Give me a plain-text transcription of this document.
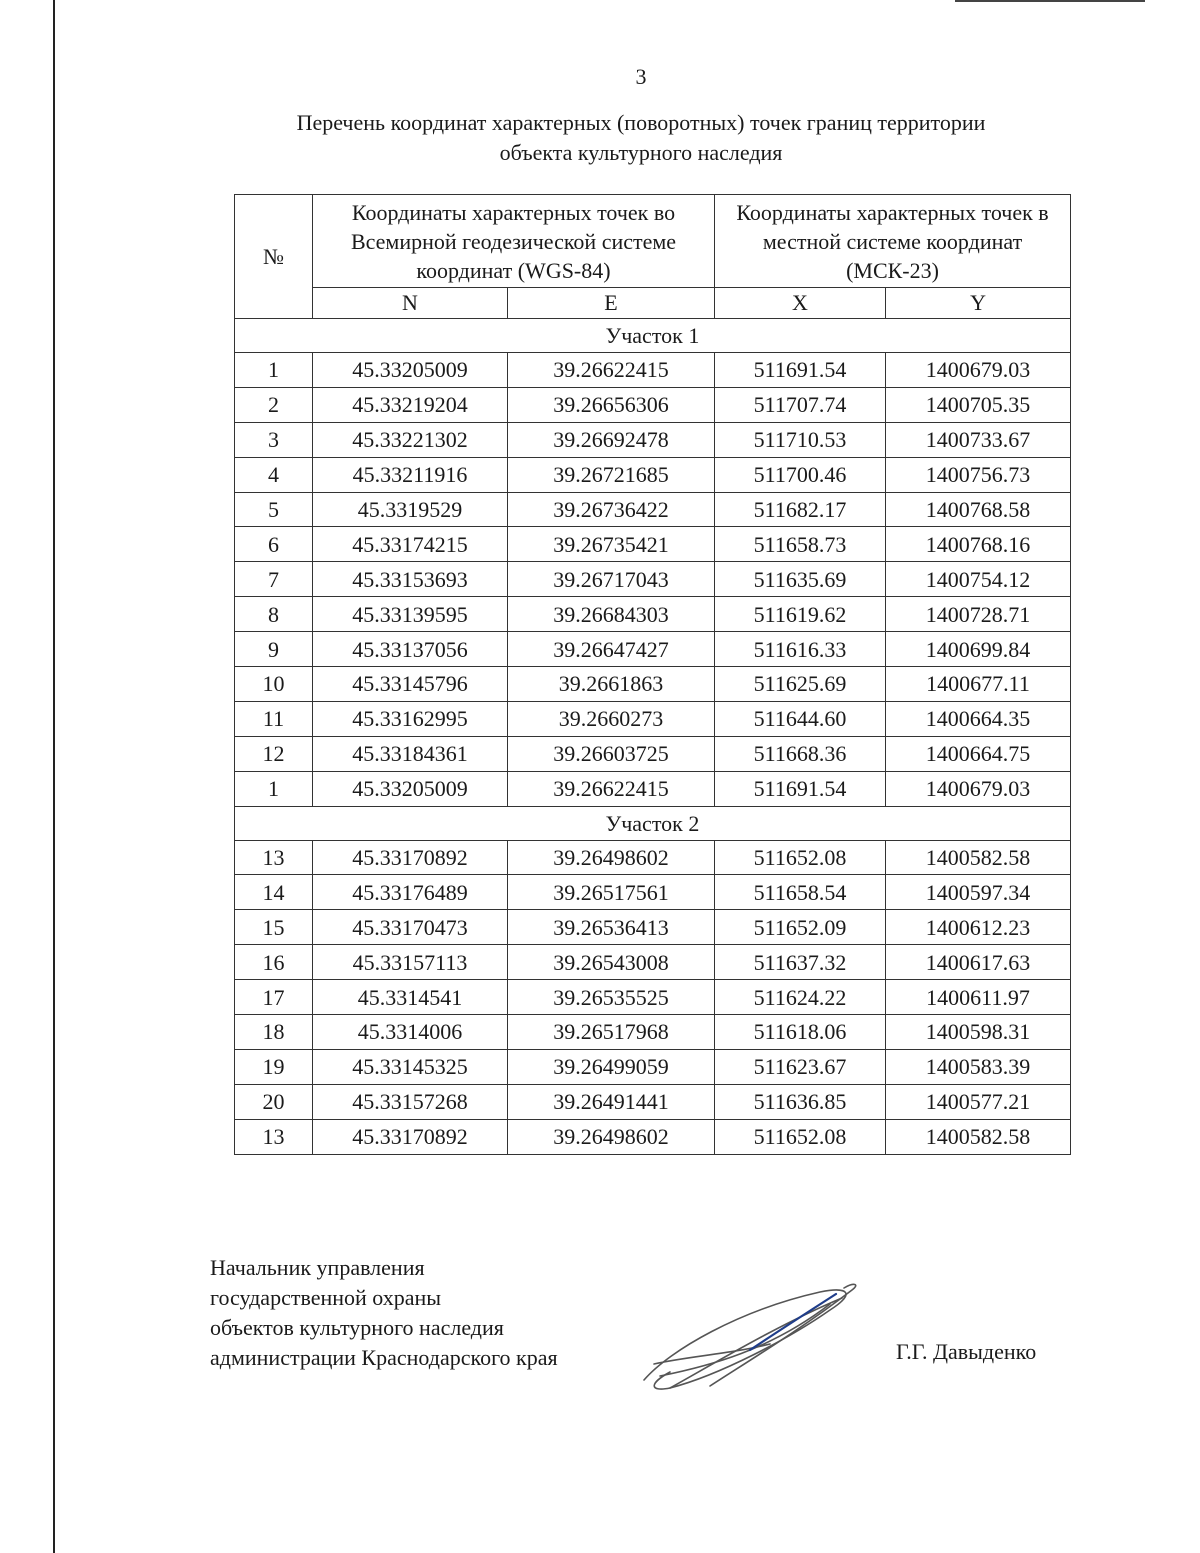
3
Перечень координат характерных (поворотных) точек границ территории
объекта культурного наследия
№	Координаты характерных точек во Всемирной геодезической системе координат (WGS-84)		Координаты характерных точек в местной системе координат (МСК-23)	
	N	E	X	Y
Участок 1				
1	45.33205009	39.26622415	511691.54	1400679.03
2	45.33219204	39.26656306	511707.74	1400705.35
3	45.33221302	39.26692478	511710.53	1400733.67
4	45.33211916	39.26721685	511700.46	1400756.73
5	45.3319529	39.26736422	511682.17	1400768.58
6	45.33174215	39.26735421	511658.73	1400768.16
7	45.33153693	39.26717043	511635.69	1400754.12
8	45.33139595	39.26684303	511619.62	1400728.71
9	45.33137056	39.26647427	511616.33	1400699.84
10	45.33145796	39.2661863	511625.69	1400677.11
11	45.33162995	39.2660273	511644.60	1400664.35
12	45.33184361	39.26603725	511668.36	1400664.75
1	45.33205009	39.26622415	511691.54	1400679.03
Участок 2				
13	45.33170892	39.26498602	511652.08	1400582.58
14	45.33176489	39.26517561	511658.54	1400597.34
15	45.33170473	39.26536413	511652.09	1400612.23
16	45.33157113	39.26543008	511637.32	1400617.63
17	45.3314541	39.26535525	511624.22	1400611.97
18	45.3314006	39.26517968	511618.06	1400598.31
19	45.33145325	39.26499059	511623.67	1400583.39
20	45.33157268	39.26491441	511636.85	1400577.21
13	45.33170892	39.26498602	511652.08	1400582.58
Начальник управления
государственной охраны
объектов культурного наследия
администрации Краснодарского края	Г.Г. Давыденко
